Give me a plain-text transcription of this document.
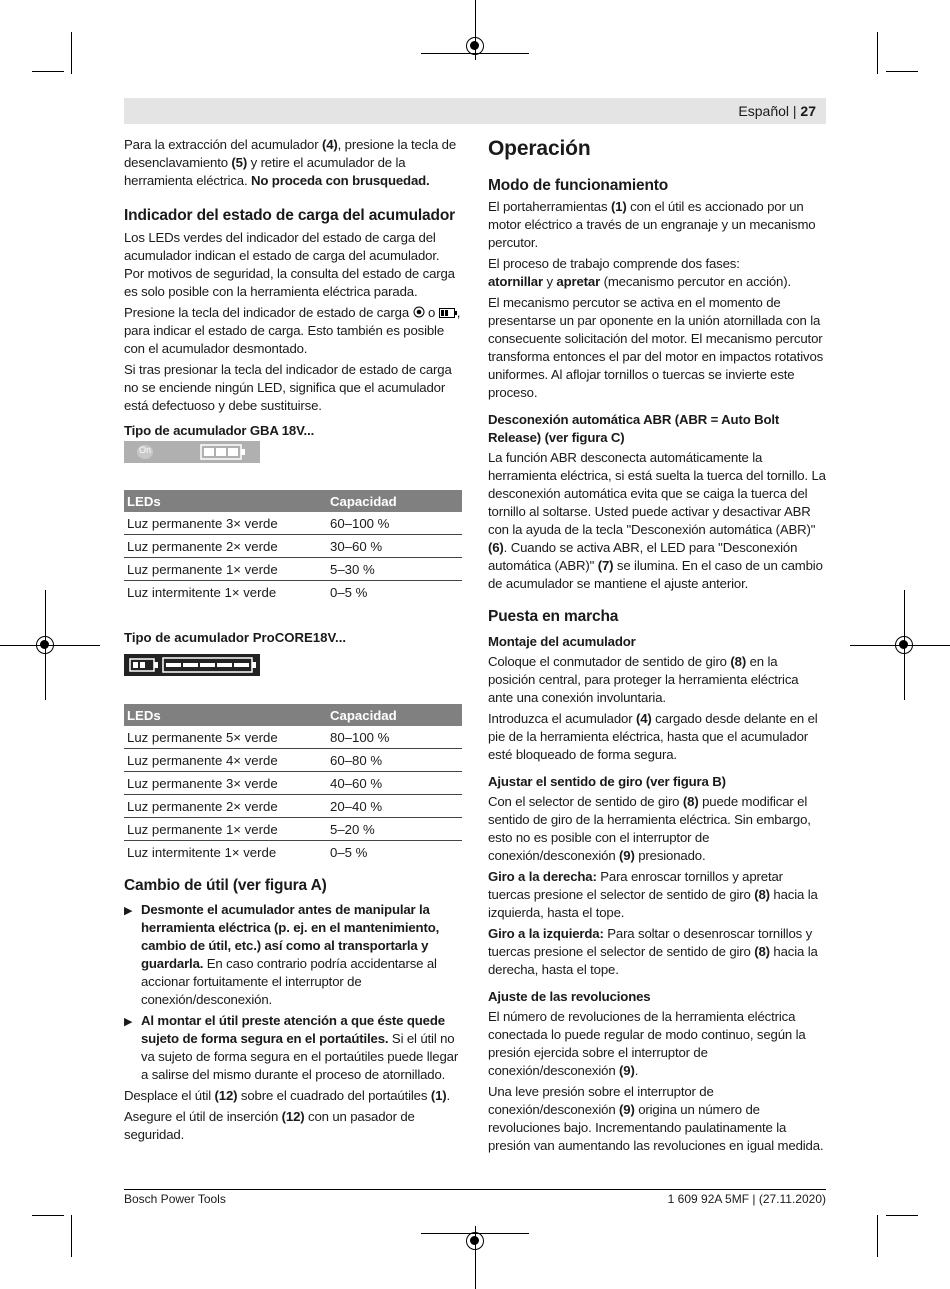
Español | 27

Para la extracción del acumulador (4), presione la tecla de desenclavamiento (5) y retire el acumulador de la herramienta eléctrica. No proceda con brusquedad.

Indicador del estado de carga del acumulador

Los LEDs verdes del indicador del estado de carga del acumulador indican el estado de carga del acumulador. Por motivos de seguridad, la consulta del estado de carga es solo posible con la herramienta eléctrica parada.

Presione la tecla del indicador de estado de carga o , para indicar el estado de carga. Esto también es posible con el acumulador desmontado.

Si tras presionar la tecla del indicador de estado de carga no se enciende ningún LED, significa que el acumulador está defectuoso y debe sustituirse.

Tipo de acumulador GBA 18V...
On
LEDs	Capacidad
Luz permanente 3× verde	60–100 %
Luz permanente 2× verde	30–60 %
Luz permanente 1× verde	5–30 %
Luz intermitente 1× verde	0–5 %
Tipo de acumulador ProCORE18V...
LEDs	Capacidad
Luz permanente 5× verde	80–100 %
Luz permanente 4× verde	60–80 %
Luz permanente 3× verde	40–60 %
Luz permanente 2× verde	20–40 %
Luz permanente 1× verde	5–20 %
Luz intermitente 1× verde	0–5 %
Cambio de útil (ver figura A)
▶ Desmonte el acumulador antes de manipular la herramienta eléctrica (p. ej. en el mantenimiento, cambio de útil, etc.) así como al transportarla y guardarla. En caso contrario podría accidentarse al accionar fortuitamente el interruptor de conexión/desconexión.
▶ Al montar el útil preste atención a que éste quede sujeto de forma segura en el portaútiles. Si el útil no va sujeto de forma segura en el portaútiles puede llegar a salirse del mismo durante el proceso de atornillado.

Desplace el útil (12) sobre el cuadrado del portaútiles (1).

Asegure el útil de inserción (12) con un pasador de seguridad.

Operación
Modo de funcionamiento

El portaherramientas (1) con el útil es accionado por un motor eléctrico a través de un engranaje y un mecanismo percutor.

El proceso de trabajo comprende dos fases:
atornillar y apretar (mecanismo percutor en acción).

El mecanismo percutor se activa en el momento de presentarse un par oponente en la unión atornillada con la consecuente solicitación del motor. El mecanismo percutor transforma entonces el par del motor en impactos rotativos uniformes. Al aflojar tornillos o tuercas se invierte este proceso.

Desconexión automática ABR (ABR = Auto Bolt Release) (ver figura C)

La función ABR desconecta automáticamente la herramienta eléctrica, si está suelta la tuerca del tornillo. La desconexión automática evita que se caiga la tuerca del tornillo al soltarse. Usted puede activar y desactivar ABR con la ayuda de la tecla "Desconexión automática (ABR)" (6). Cuando se activa ABR, el LED para "Desconexión automática (ABR)" (7) se ilumina. En el caso de un cambio de acumulador se mantiene el ajuste anterior.

Puesta en marcha
Montaje del acumulador

Coloque el conmutador de sentido de giro (8) en la posición central, para proteger la herramienta eléctrica ante una conexión involuntaria.

Introduzca el acumulador (4) cargado desde delante en el pie de la herramienta eléctrica, hasta que el acumulador esté bloqueado de forma segura.

Ajustar el sentido de giro (ver figura B)

Con el selector de sentido de giro (8) puede modificar el sentido de giro de la herramienta eléctrica. Sin embargo, esto no es posible con el interruptor de conexión/desconexión (9) presionado.

Giro a la derecha: Para enroscar tornillos y apretar tuercas presione el selector de sentido de giro (8) hacia la izquierda, hasta el tope.

Giro a la izquierda: Para soltar o desenroscar tornillos y tuercas presione el selector de sentido de giro (8) hacia la derecha, hasta el tope.

Ajuste de las revoluciones

El número de revoluciones de la herramienta eléctrica conectada lo puede regular de modo continuo, según la presión ejercida sobre el interruptor de conexión/desconexión (9).

Una leve presión sobre el interruptor de conexión/desconexión (9) origina un número de revoluciones bajo. Incrementando paulatinamente la presión van aumentando las revoluciones en igual medida.

Bosch Power Tools	1 609 92A 5MF | (27.11.2020)
